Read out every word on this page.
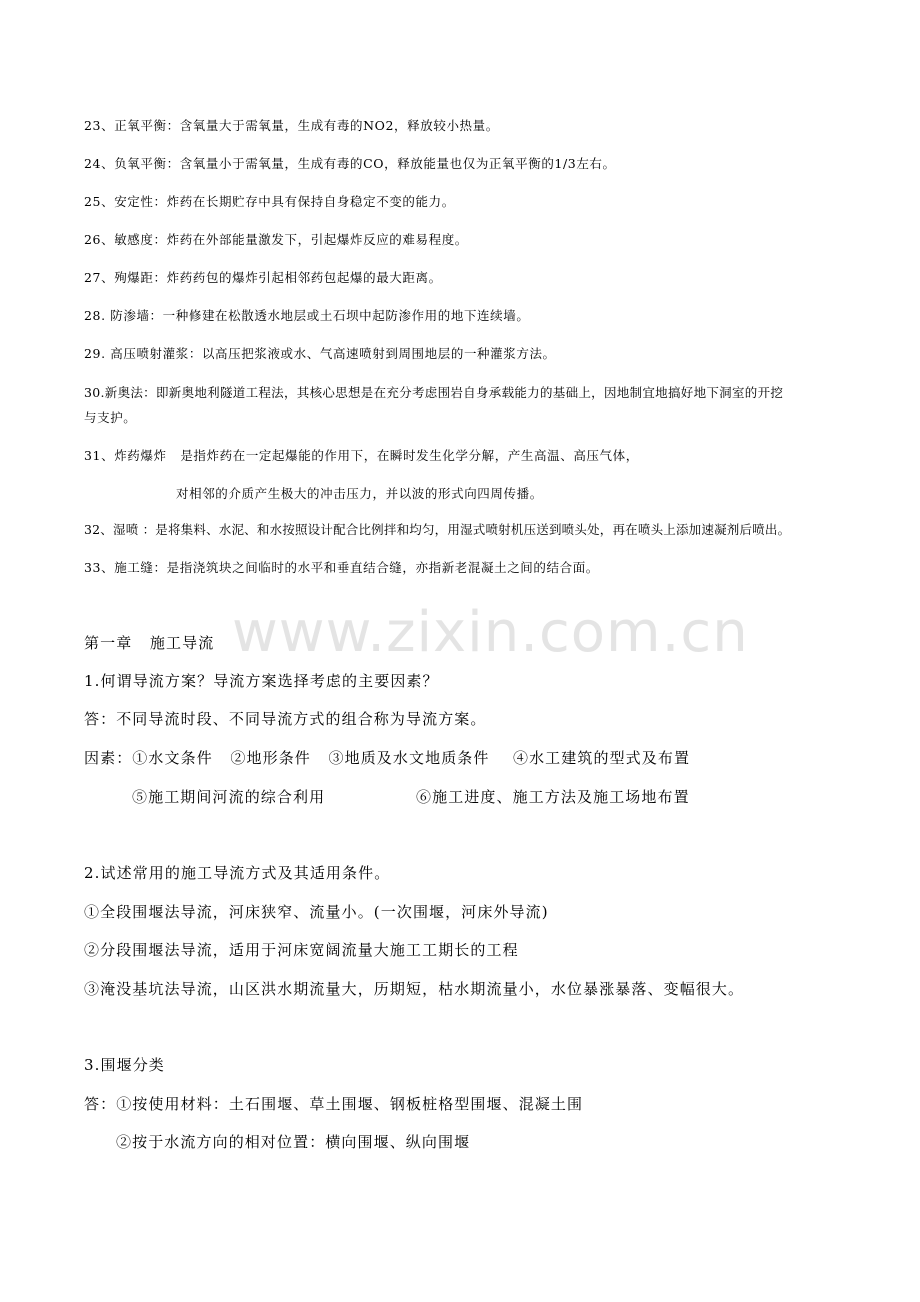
www.zixin.com.cn
23、正氧平衡：含氧量大于需氧量，生成有毒的NO2，释放较小热量。
24、负氧平衡：含氧量小于需氧量，生成有毒的CO，释放能量也仅为正氧平衡的1/3左右。
25、安定性：炸药在长期贮存中具有保持自身稳定不变的能力。
26、敏感度：炸药在外部能量激发下，引起爆炸反应的难易程度。
27、殉爆距：炸药药包的爆炸引起相邻药包起爆的最大距离。
28. 防渗墙：一种修建在松散透水地层或土石坝中起防渗作用的地下连续墙。
29. 高压喷射灌浆：以高压把浆液或水、气高速喷射到周围地层的一种灌浆方法。
30.新奥法：即新奥地利隧道工程法，其核心思想是在充分考虑围岩自身承载能力的基础上，因地制宜地搞好地下洞室的开挖
与支护。
31、炸药爆炸   是指炸药在一定起爆能的作用下，在瞬时发生化学分解，产生高温、高压气体，
对相邻的介质产生极大的冲击压力，并以波的形式向四周传播。
32、湿喷 ：是将集料、水泥、和水按照设计配合比例拌和均匀，用湿式喷射机压送到喷头处，再在喷头上添加速凝剂后喷出。
33、施工缝：是指浇筑块之间临时的水平和垂直结合缝，亦指新老混凝土之间的结合面。
第一章   施工导流
1.何谓导流方案？导流方案选择考虑的主要因素？
答：不同导流时段、不同导流方式的组合称为导流方案。
因素：①水文条件   ②地形条件   ③地质及水文地质条件    ④水工建筑的型式及布置
⑤施工期间河流的综合利用	⑥施工进度、施工方法及施工场地布置
2.试述常用的施工导流方式及其适用条件。
①全段围堰法导流，河床狭窄、流量小。(一次围堰，河床外导流)
②分段围堰法导流，适用于河床宽阔流量大施工工期长的工程
③淹没基坑法导流，山区洪水期流量大，历期短，枯水期流量小，水位暴涨暴落、变幅很大。
3.围堰分类
答：①按使用材料：土石围堰、草土围堰、钢板桩格型围堰、混凝土围
②按于水流方向的相对位置：横向围堰、纵向围堰
